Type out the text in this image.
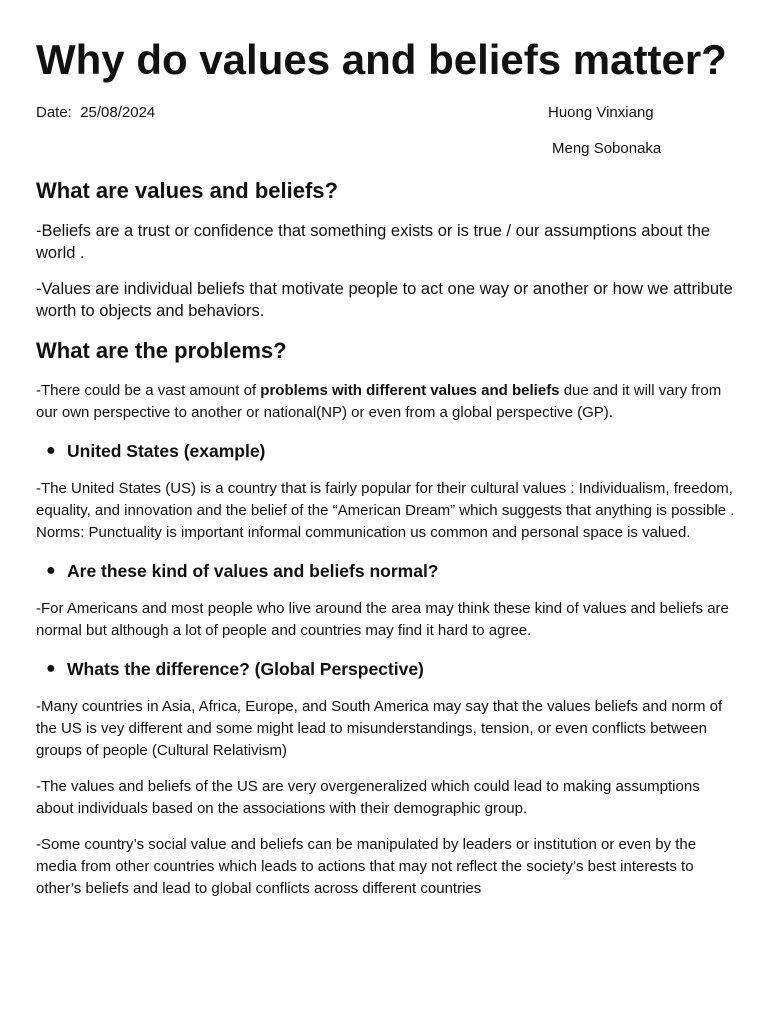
Why do values and beliefs matter?
Date: 25/08/2024	Huong Vinxiang
Meng Sobonaka
What are values and beliefs?

-Beliefs are a trust or confidence that something exists or is true / our assumptions about the world .

-Values are individual beliefs that motivate people to act one way or another or how we attribute worth to objects and behaviors.

What are the problems?

-There could be a vast amount of problems with different values and beliefs due and it will vary from our own perspective to another or national(NP) or even from a global perspective (GP).

● United States (example)

-The United States (US) is a country that is fairly popular for their cultural values : Individualism, freedom, equality, and innovation and the belief of the “American Dream” which suggests that anything is possible . Norms: Punctuality is important informal communication us common and personal space is valued.

● Are these kind of values and beliefs normal?

-For Americans and most people who live around the area may think these kind of values and beliefs are normal but although a lot of people and countries may find it hard to agree.

● Whats the difference? (Global Perspective)

-Many countries in Asia, Africa, Europe, and South America may say that the values beliefs and norm of the US is vey different and some might lead to misunderstandings, tension, or even conflicts between groups of people (Cultural Relativism)

-The values and beliefs of the US are very overgeneralized which could lead to making assumptions about individuals based on the associations with their demographic group.

-Some country’s social value and beliefs can be manipulated by leaders or institution or even by the media from other countries which leads to actions that may not reflect the society’s best interests to other’s beliefs and lead to global conflicts across different countries
